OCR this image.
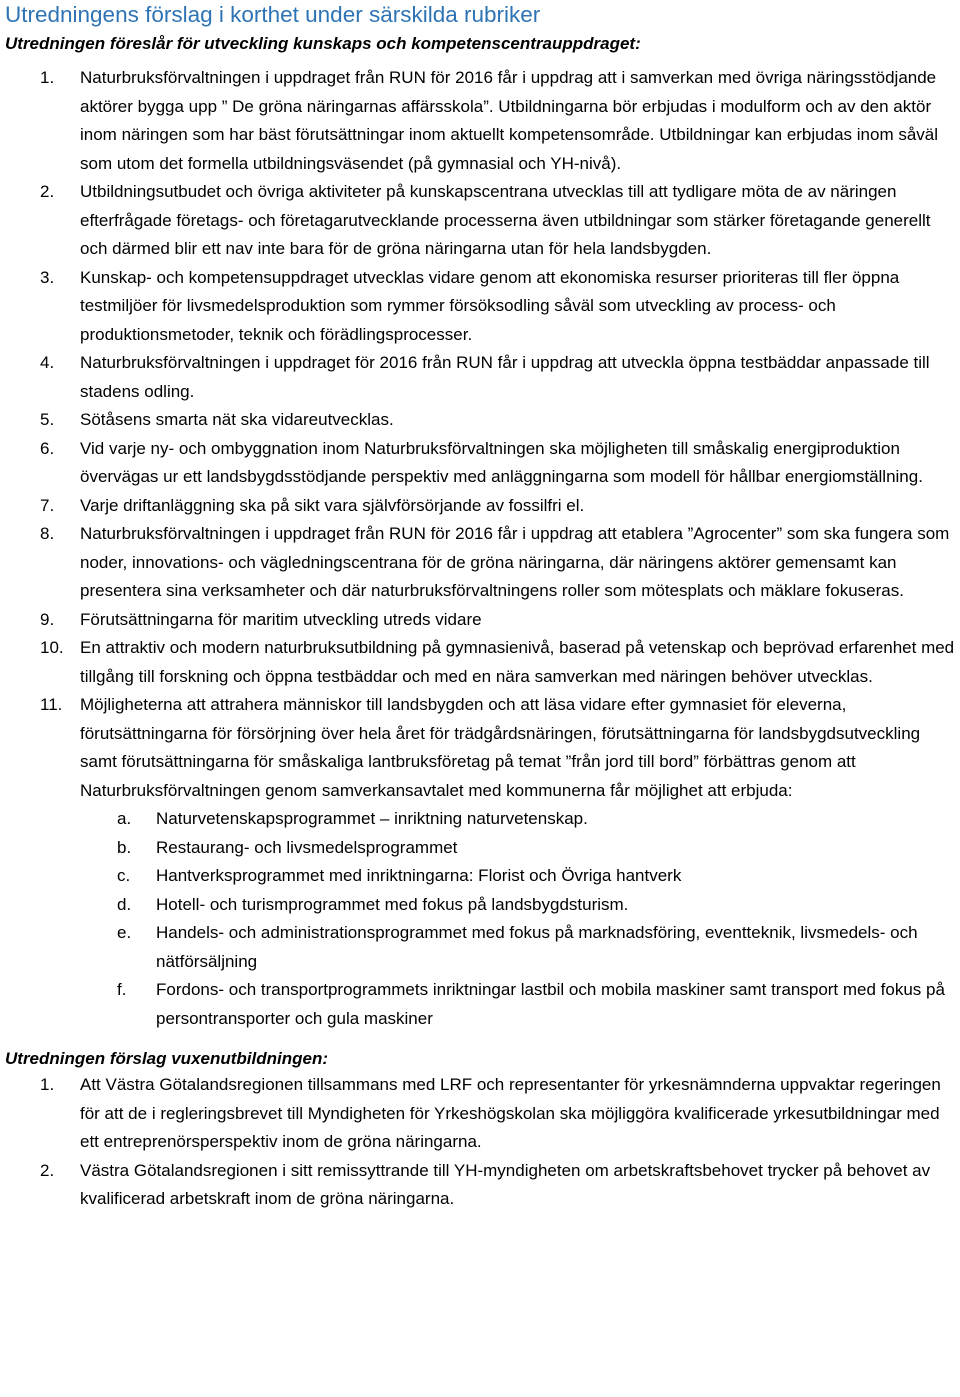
Utredningens förslag i korthet under särskilda rubriker

Utredningen föreslår för utveckling kunskaps och kompetenscentrauppdraget:

1. Naturbruksförvaltningen i uppdraget från RUN för 2016 får i uppdrag att i samverkan med övriga näringsstödjande aktörer bygga upp ” De gröna näringarnas affärsskola”. Utbildningarna bör erbjudas i modulform och av den aktör inom näringen som har bäst förutsättningar inom aktuellt kompetensområde. Utbildningar kan erbjudas inom såväl som utom det formella utbildningsväsendet (på gymnasial och YH-nivå).
2. Utbildningsutbudet och övriga aktiviteter på kunskapscentrana utvecklas till att tydligare möta de av näringen efterfrågade företags- och företagarutvecklande processerna även utbildningar som stärker företagande generellt och därmed blir ett nav inte bara för de gröna näringarna utan för hela landsbygden.
3. Kunskap- och kompetensuppdraget utvecklas vidare genom att ekonomiska resurser prioriteras till fler öppna testmiljöer för livsmedelsproduktion som rymmer försöksodling såväl som utveckling av process- och produktionsmetoder, teknik och förädlingsprocesser.
4. Naturbruksförvaltningen i uppdraget för 2016 från RUN får i uppdrag att utveckla öppna testbäddar anpassade till stadens odling.
5. Sötåsens smarta nät ska vidareutvecklas.
6. Vid varje ny- och ombyggnation inom Naturbruksförvaltningen ska möjligheten till småskalig energiproduktion övervägas ur ett landsbygdsstödjande perspektiv med anläggningarna som modell för hållbar energiomställning.
7. Varje driftanläggning ska på sikt vara självförsörjande av fossilfri el.
8. Naturbruksförvaltningen i uppdraget från RUN för 2016 får i uppdrag att etablera ”Agrocenter” som ska fungera som noder, innovations- och vägledningscentrana för de gröna näringarna, där näringens aktörer gemensamt kan presentera sina verksamheter och där naturbruksförvaltningens roller som mötesplats och mäklare fokuseras.
9. Förutsättningarna för maritim utveckling utreds vidare
10. En attraktiv och modern naturbruksutbildning på gymnasienivå, baserad på vetenskap och beprövad erfarenhet med tillgång till forskning och öppna testbäddar och med en nära samverkan med näringen behöver utvecklas.
11. Möjligheterna att attrahera människor till landsbygden och att läsa vidare efter gymnasiet för eleverna, förutsättningarna för försörjning över hela året för trädgårdsnäringen, förutsättningarna för landsbygdsutveckling samt förutsättningarna för småskaliga lantbruksföretag på temat ”från jord till bord” förbättras genom att Naturbruksförvaltningen genom samverkansavtalet med kommunerna får möjlighet att erbjuda:
a. Naturvetenskapsprogrammet – inriktning naturvetenskap.
b. Restaurang- och livsmedelsprogrammet
c. Hantverksprogrammet med inriktningarna: Florist och Övriga hantverk
d. Hotell- och turismprogrammet med fokus på landsbygdsturism.
e. Handels- och administrationsprogrammet med fokus på marknadsföring, eventteknik, livsmedels- och nätförsäljning
f. Fordons- och transportprogrammets inriktningar lastbil och mobila maskiner samt transport med fokus på persontransporter och gula maskiner

Utredningen förslag vuxenutbildningen:

1. Att Västra Götalandsregionen tillsammans med LRF och representanter för yrkesnämnderna uppvaktar regeringen för att de i regleringsbrevet till Myndigheten för Yrkeshögskolan ska möjliggöra kvalificerade yrkesutbildningar med ett entreprenörsperspektiv inom de gröna näringarna.
2. Västra Götalandsregionen i sitt remissyttrande till YH-myndigheten om arbetskraftsbehovet trycker på behovet av kvalificerad arbetskraft inom de gröna näringarna.
